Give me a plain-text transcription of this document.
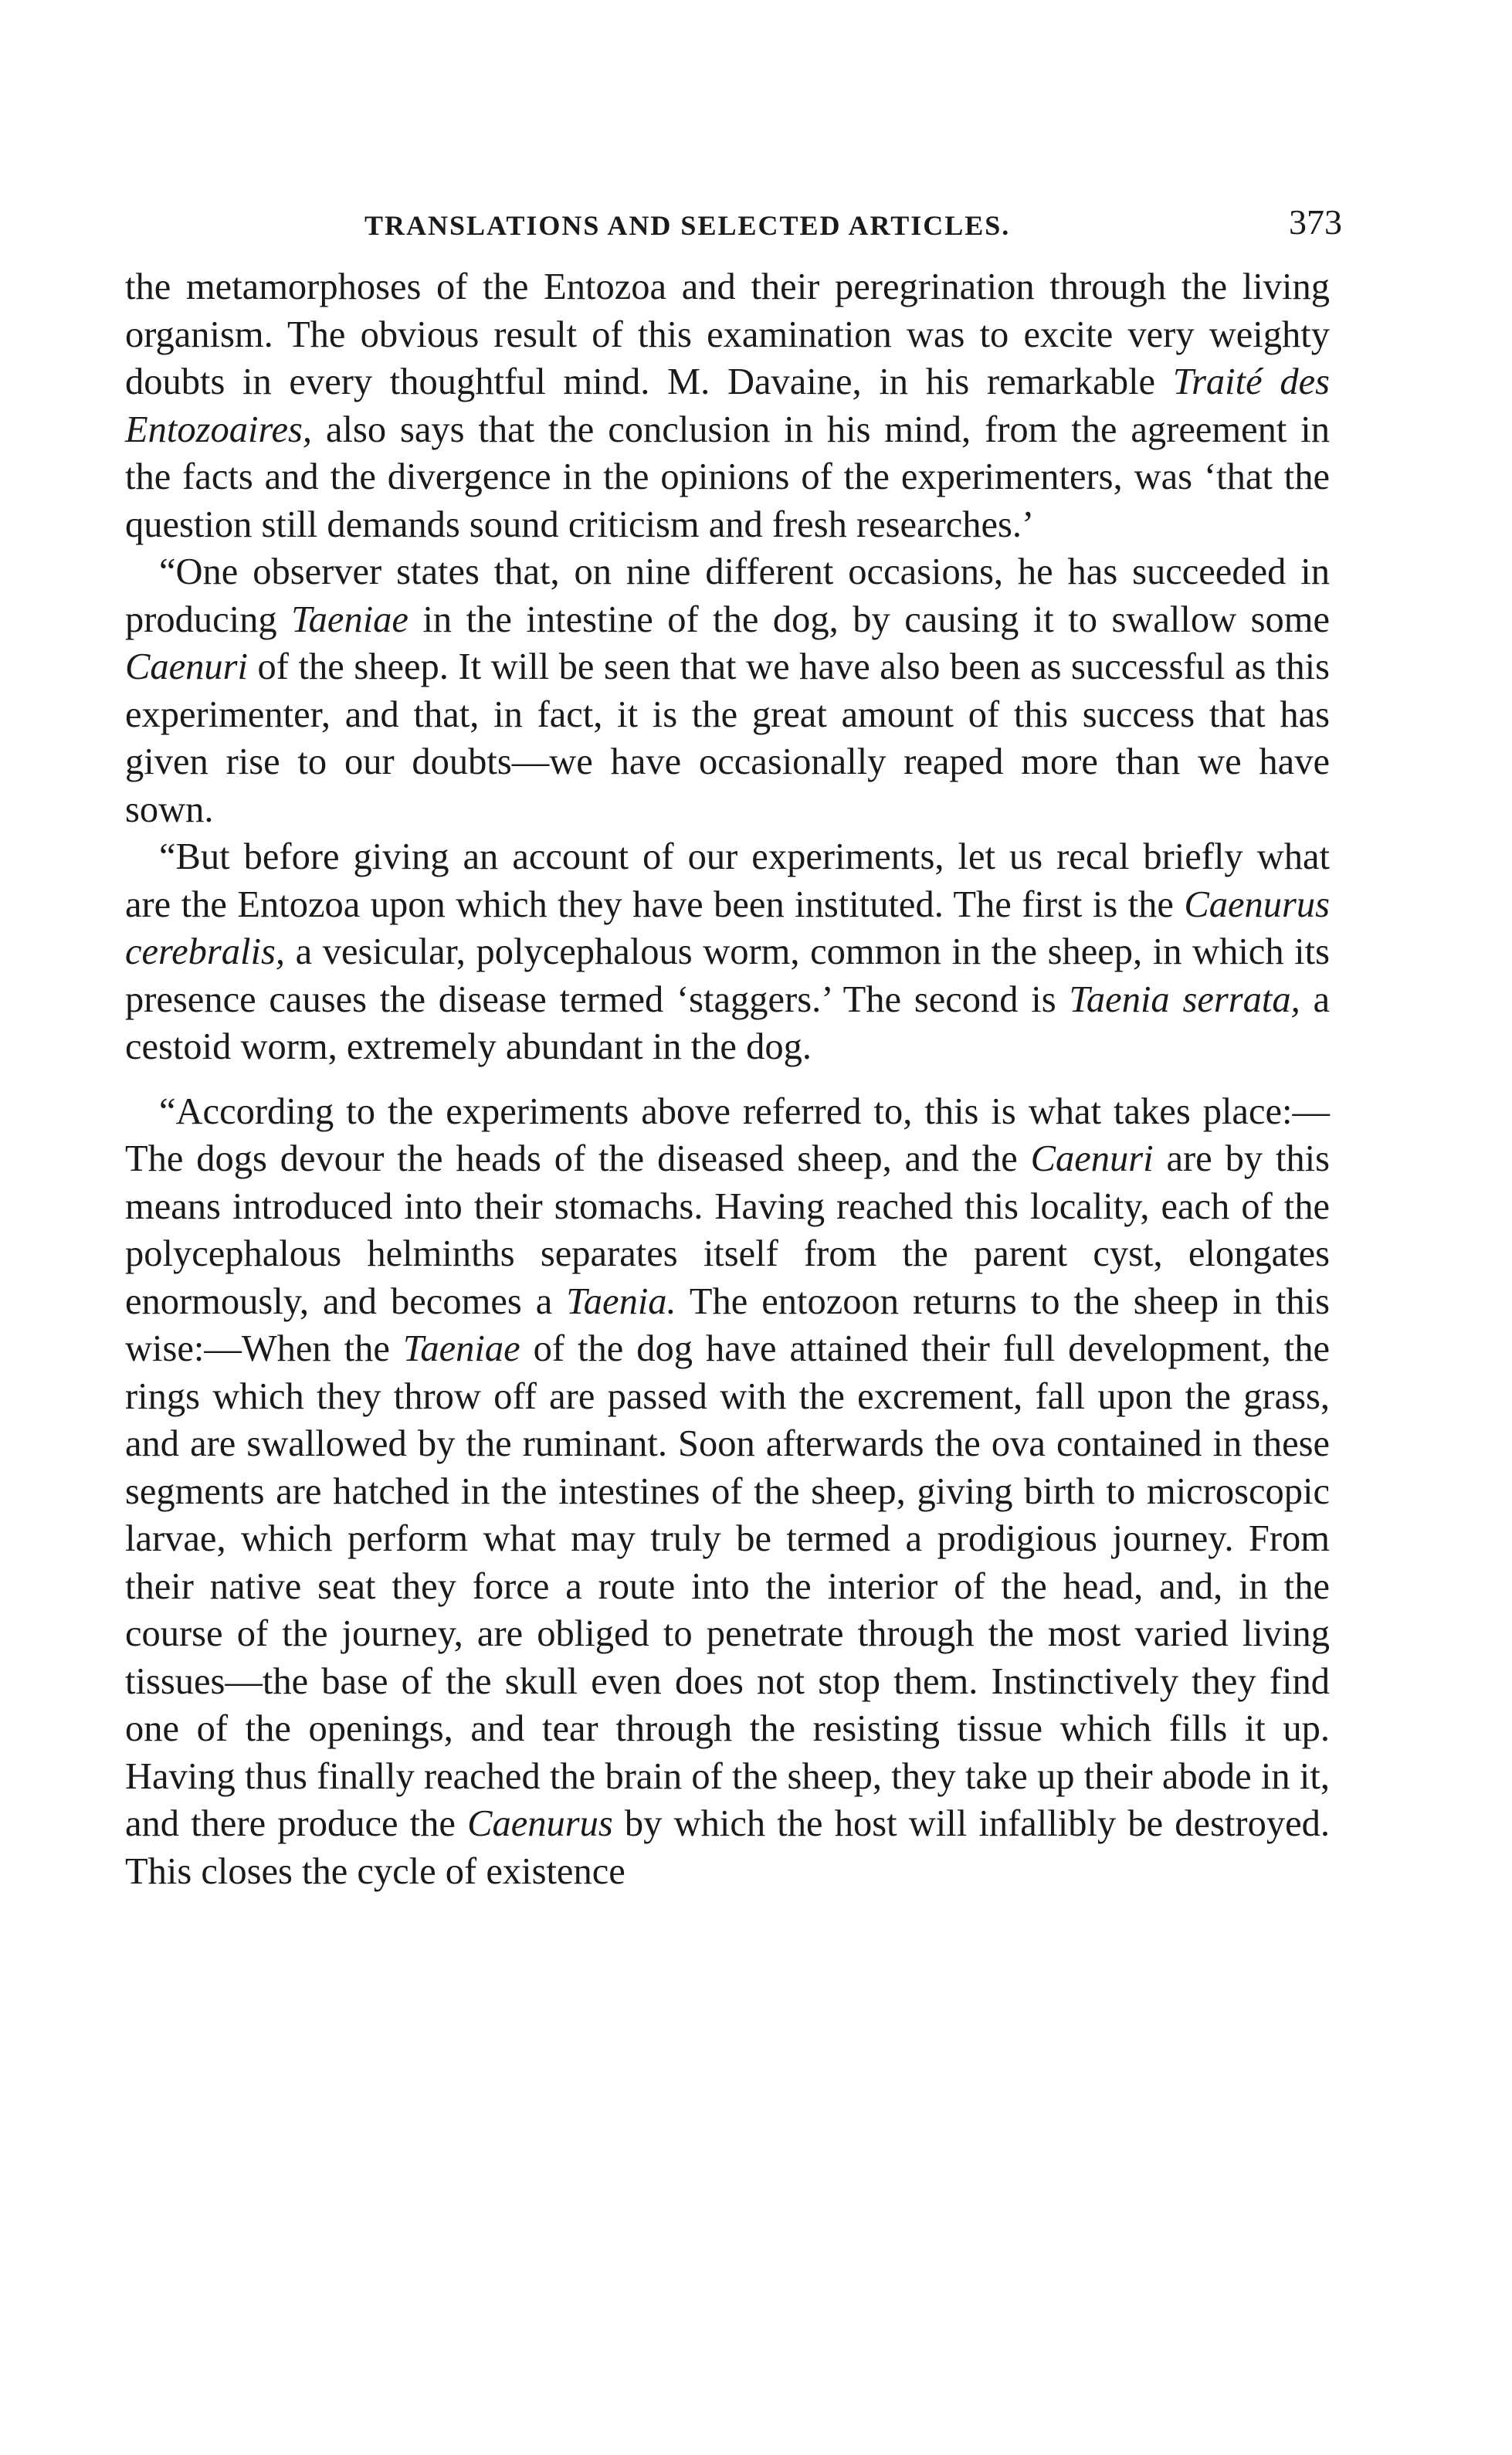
TRANSLATIONS AND SELECTED ARTICLES.	373

the metamorphoses of the Entozoa and their peregrination through the living organism. The obvious result of this examination was to excite very weighty doubts in every thoughtful mind. M. Davaine, in his remarkable Traité des Entozoaires, also says that the conclusion in his mind, from the agreement in the facts and the divergence in the opinions of the experimenters, was ‘that the question still demands sound criticism and fresh researches.’

“One observer states that, on nine different occasions, he has succeeded in producing Taeniae in the intestine of the dog, by causing it to swallow some Caenuri of the sheep. It will be seen that we have also been as successful as this experimenter, and that, in fact, it is the great amount of this success that has given rise to our doubts—we have occasionally reaped more than we have sown.

“But before giving an account of our experiments, let us recal briefly what are the Entozoa upon which they have been instituted. The first is the Caenurus cerebralis, a vesicular, polycephalous worm, common in the sheep, in which its presence causes the disease termed ‘staggers.’ The second is Taenia serrata, a cestoid worm, extremely abundant in the dog.

“According to the experiments above referred to, this is what takes place:—The dogs devour the heads of the diseased sheep, and the Caenuri are by this means introduced into their stomachs. Having reached this locality, each of the polycephalous helminths separates itself from the parent cyst, elongates enormously, and becomes a Taenia. The entozoon returns to the sheep in this wise:—When the Taeniae of the dog have attained their full development, the rings which they throw off are passed with the excrement, fall upon the grass, and are swallowed by the ruminant. Soon afterwards the ova contained in these segments are hatched in the intestines of the sheep, giving birth to microscopic larvae, which perform what may truly be termed a prodigious journey. From their native seat they force a route into the interior of the head, and, in the course of the journey, are obliged to penetrate through the most varied living tissues—the base of the skull even does not stop them. Instinctively they find one of the openings, and tear through the resisting tissue which fills it up. Having thus finally reached the brain of the sheep, they take up their abode in it, and there produce the Caenurus by which the host will infallibly be destroyed. This closes the cycle of existence
